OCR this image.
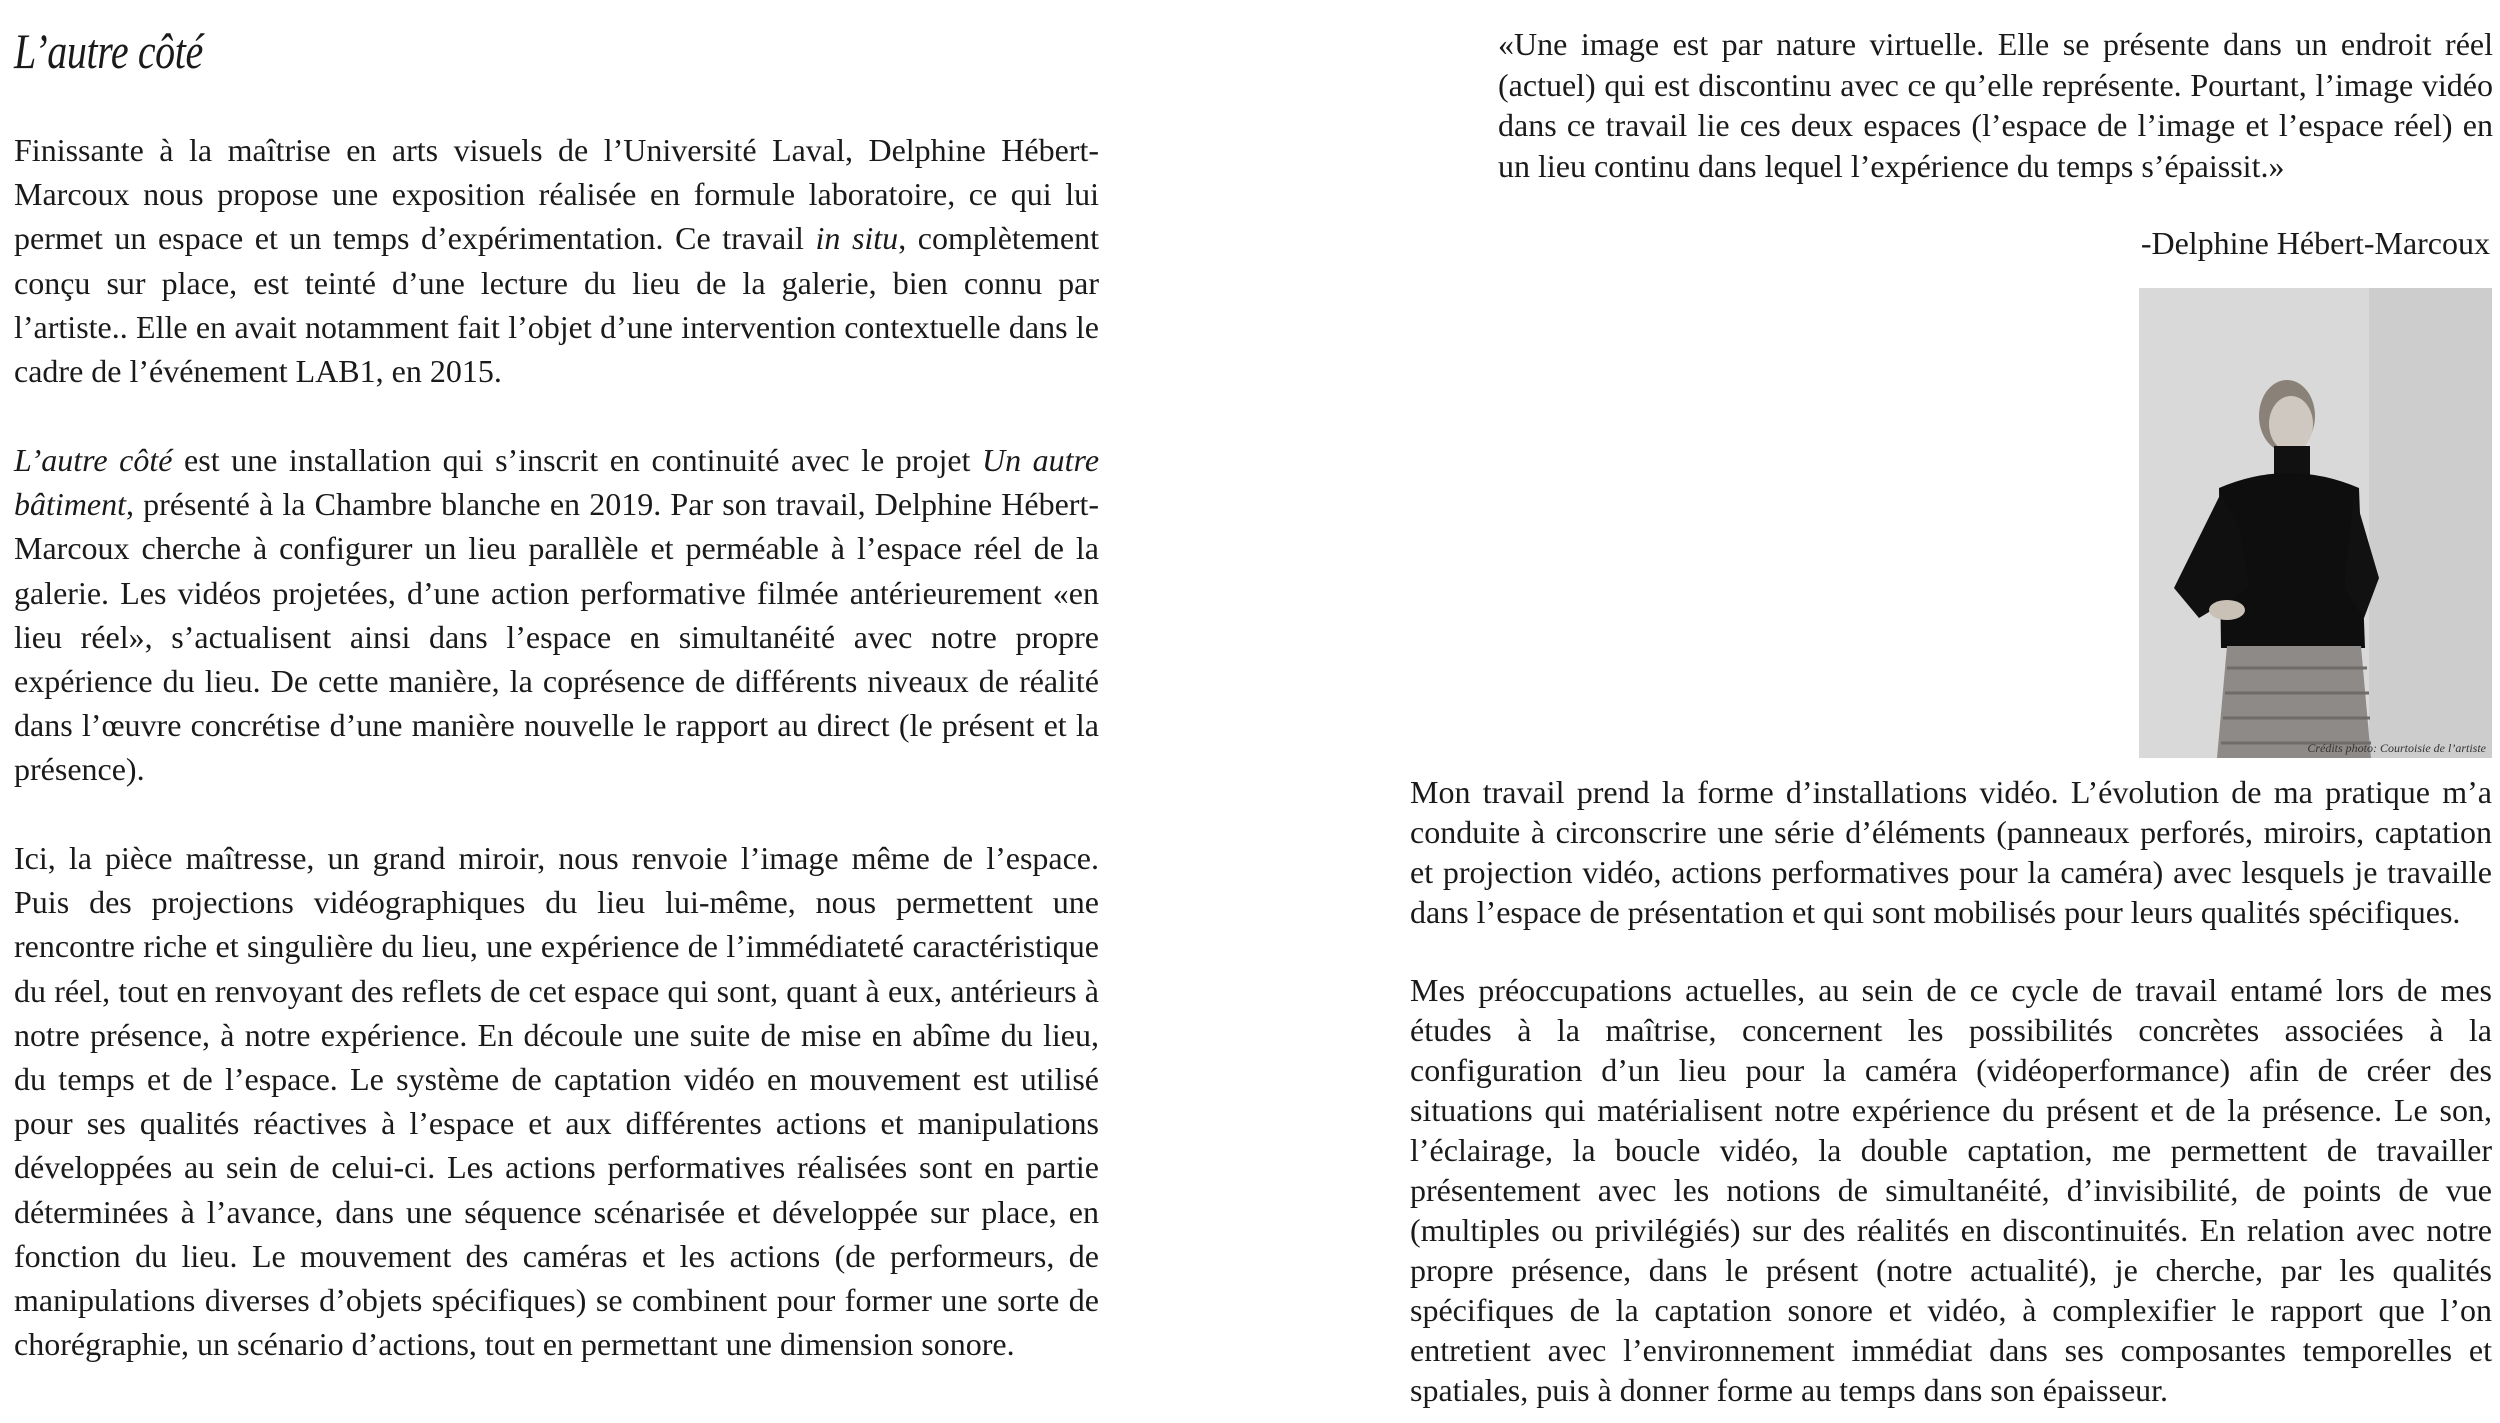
L’autre côté

Finissante à la maîtrise en arts visuels de l’Université Laval, Delphine Hébert-Marcoux nous propose une exposition réalisée en formule laboratoire, ce qui lui permet un espace et un temps d’expérimentation. Ce travail in situ, complètement conçu sur place, est teinté d’une lecture du lieu de la galerie, bien connu par l’artiste.. Elle en avait notamment fait l’objet d’une intervention contextuelle dans le cadre de l’événement LAB1, en 2015.

L’autre côté est une installation qui s’inscrit en continuité avec le projet Un autre bâtiment, présenté à la Chambre blanche en 2019. Par son travail, Delphine Hébert-Marcoux cherche à configurer un lieu parallèle et perméable à l’espace réel de la galerie. Les vidéos projetées, d’une action performative filmée antérieurement «en lieu réel», s’actualisent ainsi dans l’espace en simultanéité avec notre propre expérience du lieu. De cette manière, la coprésence de différents niveaux de réalité dans l’œuvre concrétise d’une manière nouvelle le rapport au direct (le présent et la présence).

Ici, la pièce maîtresse, un grand miroir, nous renvoie l’image même de l’espace. Puis des projections vidéographiques du lieu lui-même, nous permettent une rencontre riche et singulière du lieu, une expérience de l’immédiateté caractéristique du réel, tout en renvoyant des reflets de cet espace qui sont, quant à eux, antérieurs à notre présence, à notre expérience. En découle une suite de mise en abîme du lieu, du temps et de l’espace. Le système de captation vidéo en mouvement est utilisé pour ses qualités réactives à l’espace et aux différentes actions et manipulations développées au sein de celui-ci. Les actions performatives réalisées sont en partie déterminées à l’avance, dans une séquence scénarisée et développée sur place, en fonction du lieu. Le mouvement des caméras et les actions (de performeurs, de manipulations diverses d’objets spécifiques) se combinent pour former une sorte de chorégraphie, un scénario d’actions, tout en permettant une dimension sonore.

«Une image est par nature virtuelle. Elle se présente dans un endroit réel (actuel) qui est discontinu avec ce qu’elle représente. Pourtant, l’image vidéo dans ce travail lie ces deux espaces (l’espace de l’image et l’espace réel) en un lieu continu dans lequel l’expérience du temps s’épaissit.»

-Delphine Hébert-Marcoux

Crédits photo: Courtoisie de l’artiste

Mon travail prend la forme d’installations vidéo. L’évolution de ma pratique m’a conduite à circonscrire une série d’éléments (panneaux perforés, miroirs, captation et projection vidéo, actions performatives pour la caméra) avec lesquels je travaille dans l’espace de présentation et qui sont mobilisés pour leurs qualités spécifiques.

Mes préoccupations actuelles, au sein de ce cycle de travail entamé lors de mes études à la maîtrise, concernent les possibilités concrètes associées à la configuration d’un lieu pour la caméra (vidéoperformance) afin de créer des situations qui matérialisent notre expérience du présent et de la présence. Le son, l’éclairage, la boucle vidéo, la double captation, me permettent de travailler présentement avec les notions de simultanéité, d’invisibilité, de points de vue (multiples ou privilégiés) sur des réalités en discontinuités. En relation avec notre propre présence, dans le présent (notre actualité), je cherche, par les qualités spécifiques de la captation sonore et vidéo, à complexifier le rapport que l’on entretient avec l’environnement immédiat dans ses composantes temporelles et spatiales, puis à donner forme au temps dans son épaisseur.
